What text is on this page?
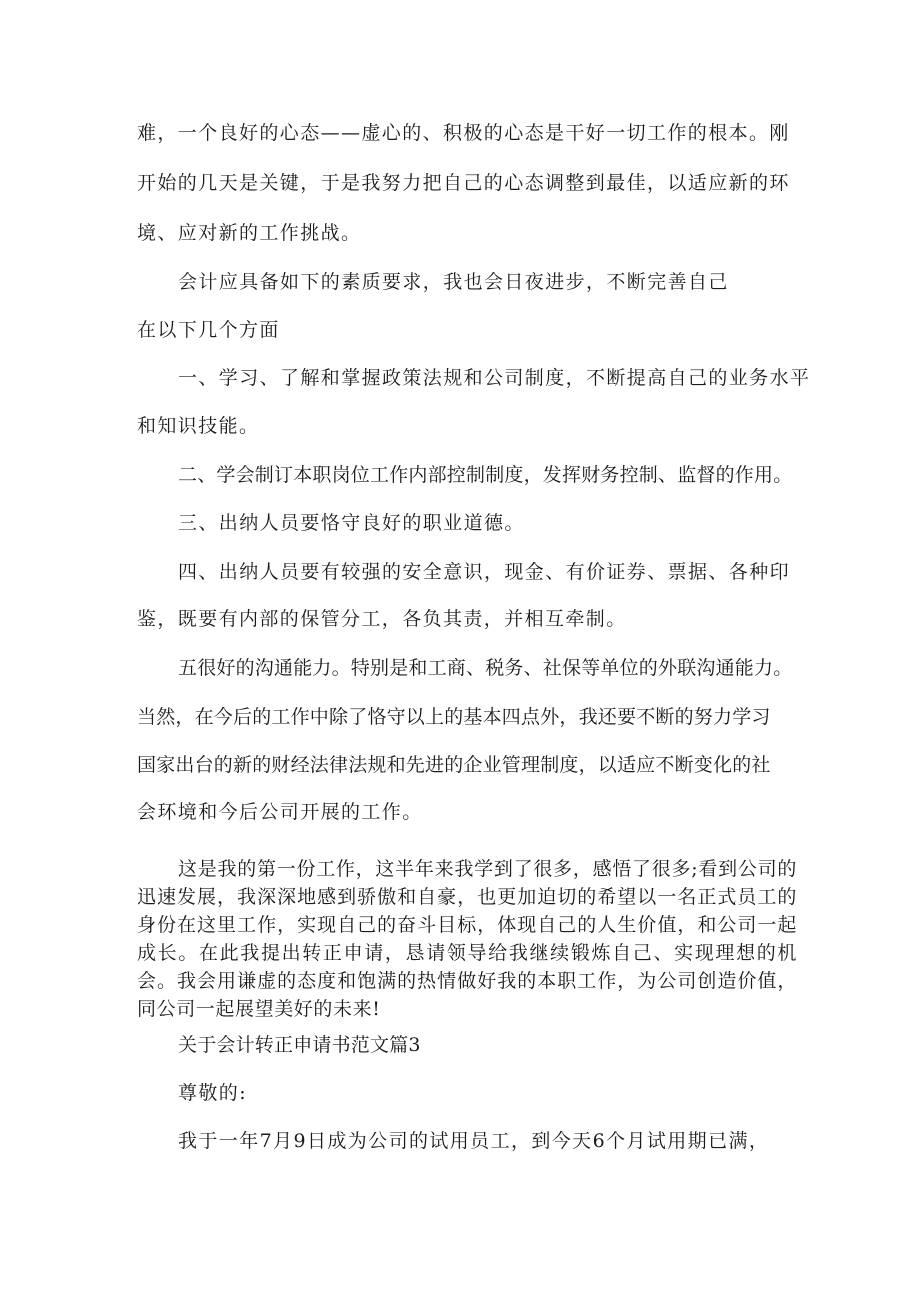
难，一个良好的心态——虚心的、积极的心态是干好一切工作的根本。刚
开始的几天是关键，于是我努力把自己的心态调整到最佳，以适应新的环
境、应对新的工作挑战。
会计应具备如下的素质要求，我也会日夜进步，不断完善自己
在以下几个方面
一、学习、了解和掌握政策法规和公司制度，不断提高自己的业务水平
和知识技能。
二、学会制订本职岗位工作内部控制制度，发挥财务控制、监督的作用。
三、出纳人员要恪守良好的职业道德。
四、出纳人员要有较强的安全意识，现金、有价证券、票据、各种印
鉴，既要有内部的保管分工，各负其责，并相互牵制。
五很好的沟通能力。特别是和工商、税务、社保等单位的外联沟通能力。
当然，在今后的工作中除了恪守以上的基本四点外，我还要不断的努力学习
国家出台的新的财经法律法规和先进的企业管理制度，以适应不断变化的社
会环境和今后公司开展的工作。

这是我的第一份工作，这半年来我学到了很多，感悟了很多;看到公司的迅速发展，我深深地感到骄傲和自豪，也更加迫切的希望以一名正式员工的身份在这里工作，实现自己的奋斗目标，体现自己的人生价值，和公司一起成长。在此我提出转正申请，恳请领导给我继续锻炼自己、实现理想的机会。我会用谦虚的态度和饱满的热情做好我的本职工作，为公司创造价值，同公司一起展望美好的未来!

关于会计转正申请书范文篇3
尊敬的:
我于一年7月9日成为公司的试用员工，到今天6个月试用期已满，
